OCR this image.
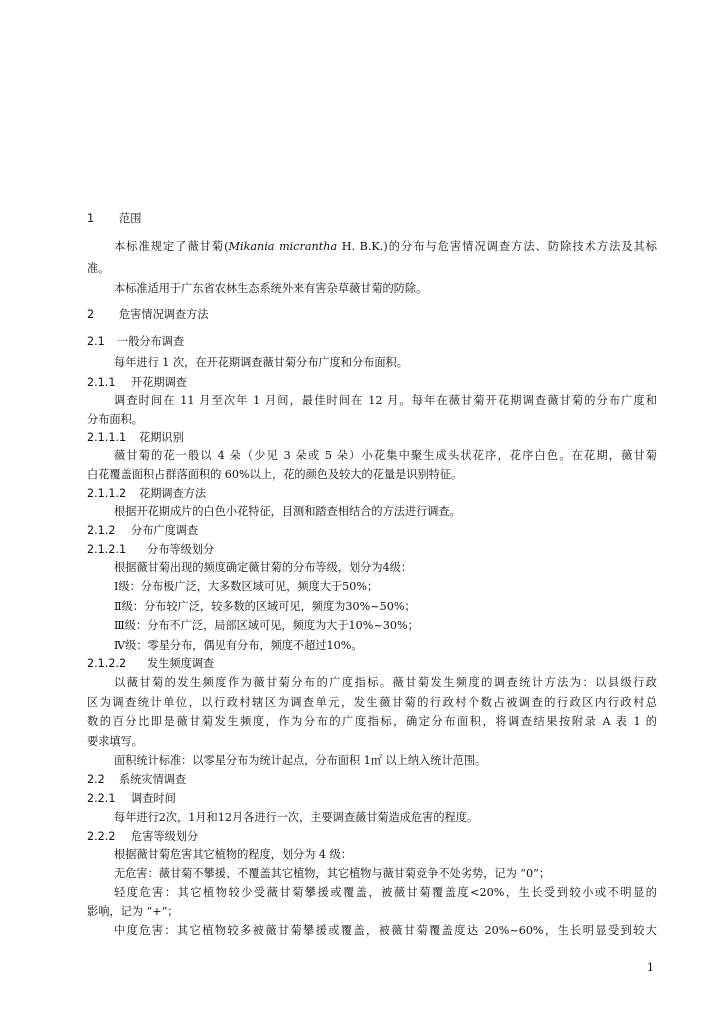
1 范围
本标准规定了薇甘菊(Mikania micrantha H. B.K.)的分布与危害情况调查方法、防除技术方法及其标
准。
本标准适用于广东省农林生态系统外来有害杂草薇甘菊的防除。
2 危害情况调查方法
2.1 一般分布调查
每年进行 1 次，在开花期调查薇甘菊分布广度和分布面积。
2.1.1 开花期调查
调查时间在 11 月至次年 1 月间，最佳时间在 12 月。每年在薇甘菊开花期调查薇甘菊的分布广度和
分布面积。
2.1.1.1 花期识别
薇甘菊的花一般以 4 朵（少见 3 朵或 5 朵）小花集中聚生成头状花序，花序白色。在花期，薇甘菊
白花覆盖面积占群落面积的 60%以上，花的颜色及较大的花量是识别特征。
2.1.1.2 花期调查方法
根据开花期成片的白色小花特征，目测和踏查相结合的方法进行调查。
2.1.2 分布广度调查
2.1.2.1 分布等级划分
根据薇甘菊出现的频度确定薇甘菊的分布等级，划分为4级：
Ⅰ级：分布极广泛，大多数区域可见，频度大于50%；
Ⅱ级：分布较广泛，较多数的区域可见，频度为30%~50%；
Ⅲ级：分布不广泛，局部区域可见，频度为大于10%~30%；
Ⅳ级：零星分布，偶见有分布，频度不超过10%。
2.1.2.2 发生频度调查
以薇甘菊的发生频度作为薇甘菊分布的广度指标。薇甘菊发生频度的调查统计方法为：以县级行政
区为调查统计单位，以行政村辖区为调查单元，发生薇甘菊的行政村个数占被调查的行政区内行政村总
数的百分比即是薇甘菊发生频度，作为分布的广度指标，确定分布面积，将调查结果按附录 A 表 1 的
要求填写。
面积统计标准：以零星分布为统计起点，分布面积 1㎡ 以上纳入统计范围。
2.2 系统灾情调查
2.2.1 调查时间
每年进行2次，1月和12月各进行一次，主要调查薇甘菊造成危害的程度。
2.2.2 危害等级划分
根据薇甘菊危害其它植物的程度，划分为 4 级：
无危害：薇甘菊不攀援、不覆盖其它植物，其它植物与薇甘菊竞争不处劣势，记为 “0”；
轻度危害：其它植物较少受薇甘菊攀援或覆盖，被薇甘菊覆盖度<20%，生长受到较小或不明显的
影响，记为 “+”；
中度危害：其它植物较多被薇甘菊攀援或覆盖，被薇甘菊覆盖度达 20%~60%，生长明显受到较大
1
